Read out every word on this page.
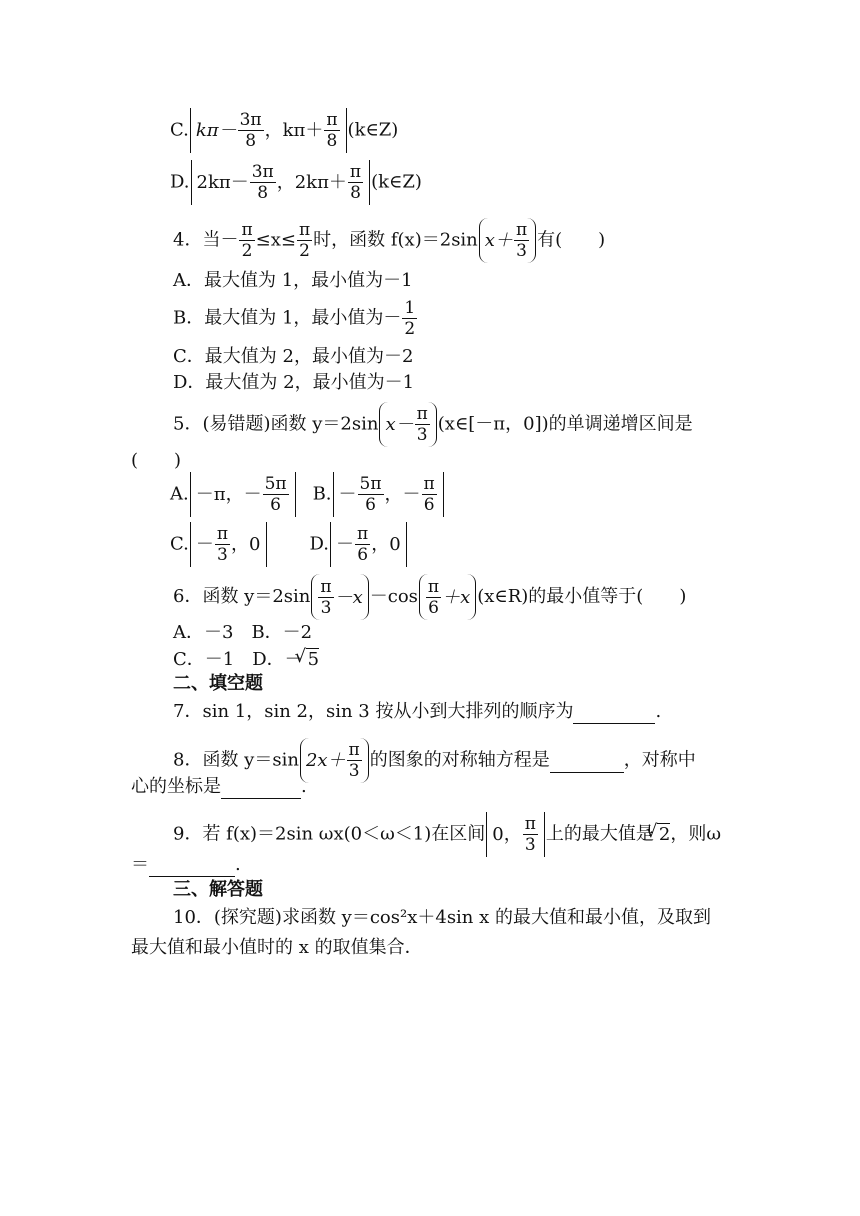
C. $k\pi- \frac{3\pi}{8}$ ，$k\pi+ \frac{\pi}{8}$ (k∈Z)
D. $2k\pi- \frac{3\pi}{8}$ ，$2k\pi+ \frac{\pi}{8}$ (k∈Z)
4．当－ $\frac{\pi}{2} \le x\le \frac{\pi}{2}$ 时，函数 f(x)＝2sin $x+ \frac{\pi}{3}$ 有(　　)
A．最大值为 1，最小值为－1
B．最大值为 1，最小值为－ $\frac{1}{2}$
C．最大值为 2，最小值为－2
D．最大值为 2，最小值为－1
5．(易错题)函数 y＝2sin $x- \frac{\pi}{3}$ (x∈[－π，0])的单调递增区间是
(　　)
A. －π，－ $\frac{5\pi}{6} B$. － $\frac{5\pi}{6}$ ，－ $\frac{\pi}{6}$
C. － $\frac{\pi}{3}$ ，0	D. － $\frac{\pi}{6}$ ，0
6．函数 $y=2\sin \frac{\pi}{3} -x -\cos \frac{\pi}{6} +x$ (x∈R)的最小值等于(　　)
A．－3　B．－2
C．－1　D．－ √ 5
二、填空题
7．sin 1，sin 2，sin 3 按从小到大排列的顺序为	.
8．函数 y＝sin $2x+ \frac{\pi}{3}$ 的图象的对称轴方程是	，对称中
心的坐标是	.
9．若 f(x)＝2sin ωx(0＜ω＜1)在区间 0， $\frac{\pi}{3}$ 上的最大值是 √ 2，则ω
＝	.
三、解答题
10．(探究题)求函数 y＝cos²x＋4sin x 的最大值和最小值，及取到
最大值和最小值时的 x 的取值集合．
